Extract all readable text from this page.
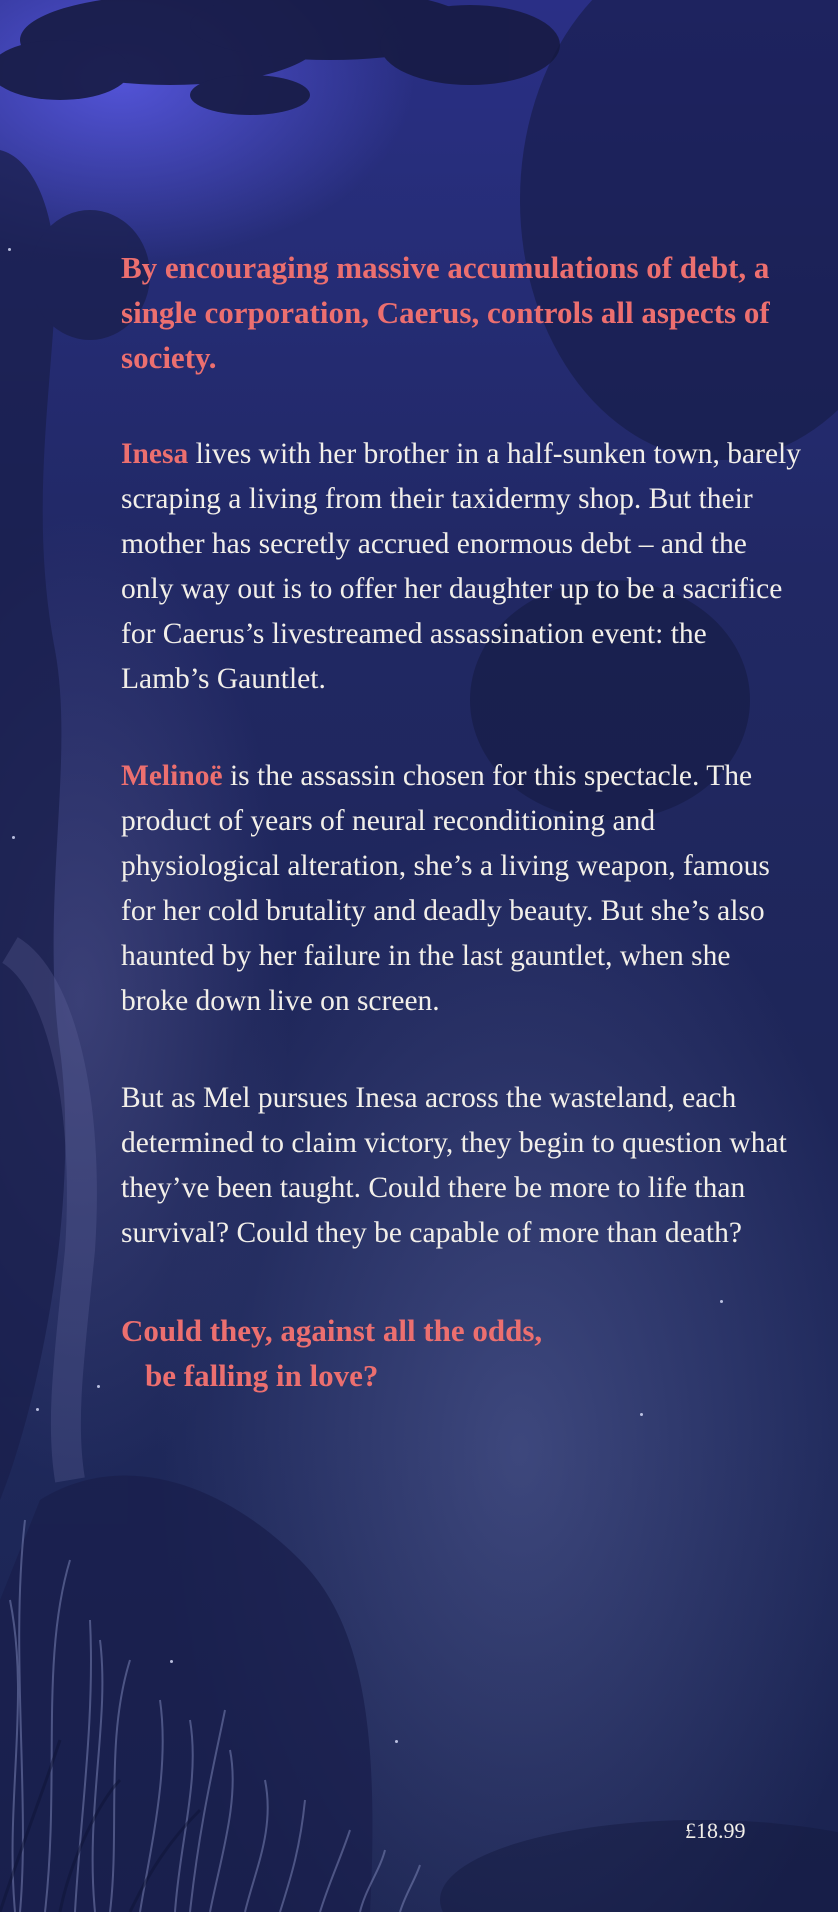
By encouraging massive accumulations of debt, a single corporation, Caerus, controls all aspects of society.

Inesa lives with her brother in a half-sunken town, barely scraping a living from their taxidermy shop. But their mother has secretly accrued enormous debt – and the only way out is to offer her daughter up to be a sacrifice for Caerus’s livestreamed assassination event: the Lamb’s Gauntlet.

Melinoë is the assassin chosen for this spectacle. The product of years of neural reconditioning and physiological alteration, she’s a living weapon, famous for her cold brutality and deadly beauty. But she’s also haunted by her failure in the last gauntlet, when she broke down live on screen.

But as Mel pursues Inesa across the wasteland, each determined to claim victory, they begin to question what they’ve been taught. Could there be more to life than survival? Could they be capable of more than death?

Could they, against all the odds,
be falling in love?

£18.99
